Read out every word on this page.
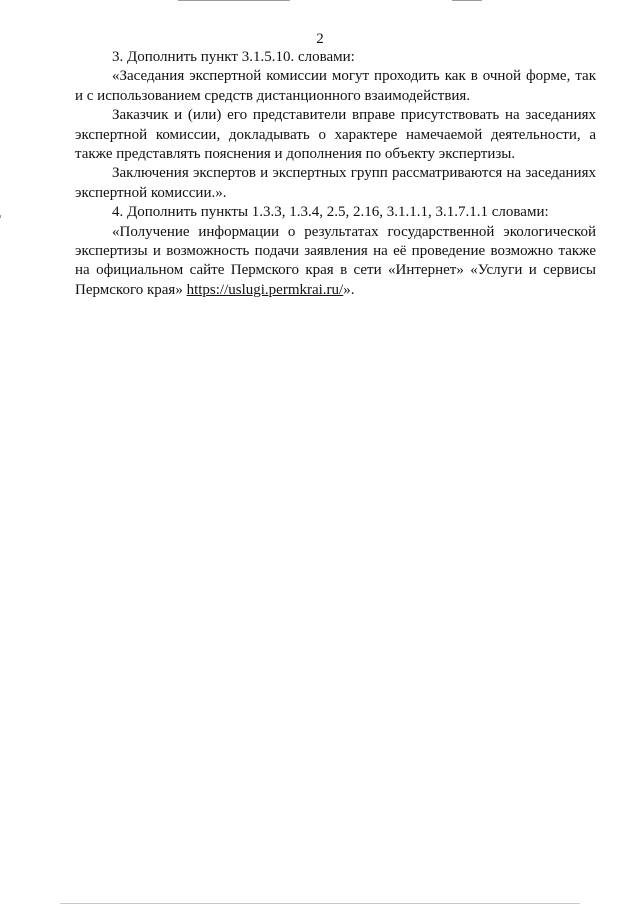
2

3. Дополнить пункт 3.1.5.10. словами:

«Заседания экспертной комиссии могут проходить как в очной форме, так и с использованием средств дистанционного взаимодействия.

Заказчик и (или) его представители вправе присутствовать на заседаниях экспертной комиссии, докладывать о характере намечаемой деятельности, а также представлять пояснения и дополнения по объекту экспертизы.

Заключения экспертов и экспертных групп рассматриваются на заседаниях экспертной комиссии.».

4. Дополнить пункты 1.3.3, 1.3.4, 2.5, 2.16, 3.1.1.1, 3.1.7.1.1 словами:

«Получение информации о результатах государственной экологической экспертизы и возможность подачи заявления на её проведение возможно также на официальном сайте Пермского края в сети «Интернет» «Услуги и сервисы Пермского края» https://uslugi.permkrai.ru/».
